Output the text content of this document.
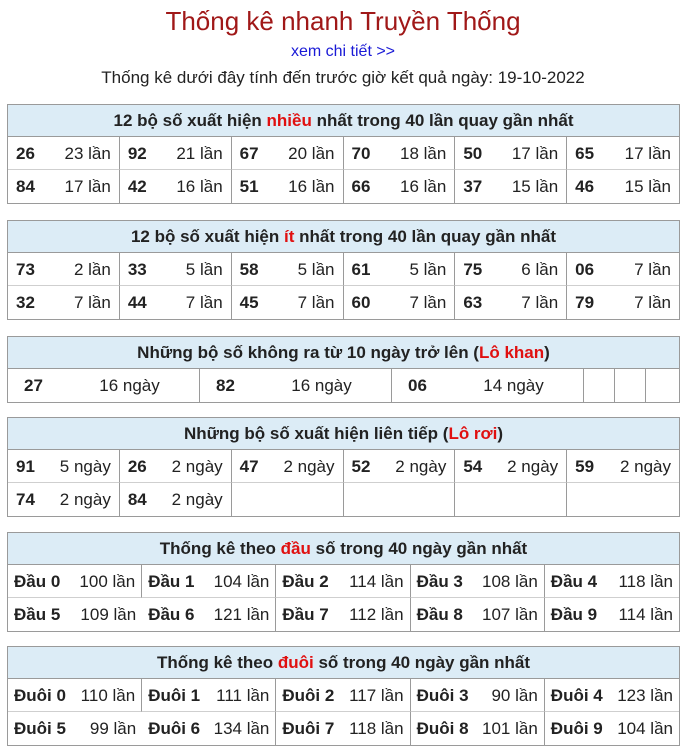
Thống kê nhanh Truyền Thống
xem chi tiết >>
Thống kê dưới đây tính đến trước giờ kết quả ngày: 19-10-2022
12 bộ số xuất hiện nhiều nhất trong 40 lần quay gần nhất
26	23 lần	92	21 lần	67	20 lần	70	18 lần	50	17 lần	65	17 lần
84	17 lần	42	16 lần	51	16 lần	66	16 lần	37	15 lần	46	15 lần
12 bộ số xuất hiện ít nhất trong 40 lần quay gần nhất
73	2 lần	33	5 lần	58	5 lần	61	5 lần	75	6 lần	06	7 lần
32	7 lần	44	7 lần	45	7 lần	60	7 lần	63	7 lần	79	7 lần
Những bộ số không ra từ 10 ngày trở lên (Lô khan)
27	16 ngày	82	16 ngày	06	14 ngày
Những bộ số xuất hiện liên tiếp (Lô rơi)
91	5 ngày	26	2 ngày	47	2 ngày	52	2 ngày	54	2 ngày	59	2 ngày
74	2 ngày	84	2 ngày
Thống kê theo đầu số trong 40 ngày gần nhất
Đầu 0	100 lần Đầu 1	104 lần Đầu 2	114 lần Đầu 3	108 lần Đầu 4	118 lần
Đầu 5	109 lần Đầu 6	121 lần Đầu 7	112 lần Đầu 8	107 lần Đầu 9	114 lần
Thống kê theo đuôi số trong 40 ngày gần nhất
Đuôi 0 110 lần Đuôi 1 111 lần Đuôi 2 117 lần Đuôi 3	90 lần Đuôi 4 123 lần
Đuôi 5	99 lần Đuôi 6 134 lần Đuôi 7 118 lần Đuôi 8 101 lần Đuôi 9 104 lần
